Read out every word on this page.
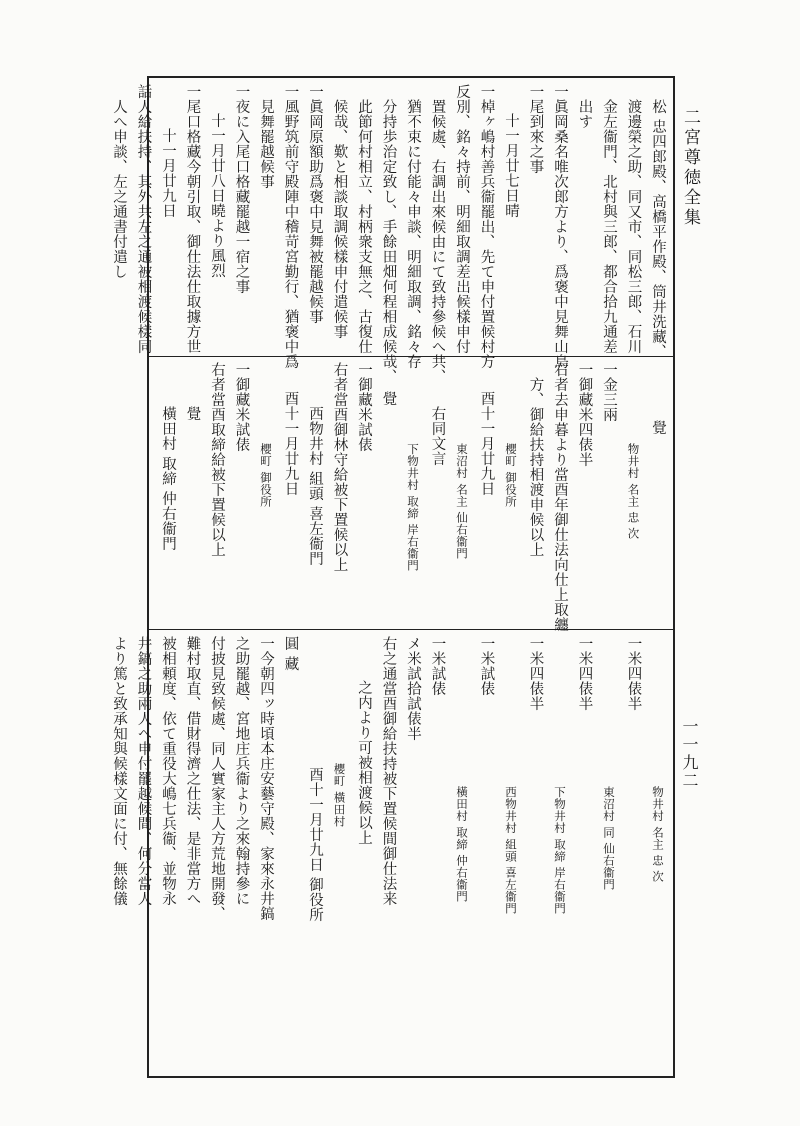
二宮尊徳全集
一一九二
松 忠四郎殿、高橋平作殿、筒井洗藏、
渡邊榮之助、同又市、同松三郎、石川
金左衞門、北村與三郎、都合拾九通差
出す
一眞岡桑名唯次郎方より、爲褒中見舞山鳥
一尾到來之事
十一月廿七日晴
一棹ヶ嶋村善兵衞罷出、先て申付置候村方
反別、銘々持前、明細取調差出候樣申付
置候處、右調出來候由にて致持參候へ共、
猶不束に付能々申談、明細取調、銘々存
分持歩治定致し、手餘田畑何程相成候哉、
此節何村相立、村柄衆支無之、古復仕
候哉、歎と相談取調候樣申付遣候事
一眞岡原額助爲褒中見舞被罷越候事
一風野筑前守殿陣中稽苛宮勤行、猶褒中爲
見舞罷越候事
一夜に入尾口格藏罷越一宿之事
十一月廿八日曉より風烈
一尾口格藏今朝引取、御仕法仕取據方世
十一月廿九日
話人給扶持、其外共左之通被相渡候樣同
人へ申談、左之通書付遣し
覺
物井村 名主 忠 次
一金三兩
一御藏米四俵半
右者去申暮より當酉年御仕法向仕上取纏
方、御給扶持相渡申候以上
櫻町 御役所
酉十一月廿九日
東沼村 名主 仙右衞門
右同文言
下物井村 取締 岸右衞門
覺
一御藏米試俵
右者當酉御林守給被下置候以上
西物井村 組頭 喜左衞門
酉十一月廿九日
櫻町 御役所
一御藏米試俵
右者當酉取締給被下置候以上
覺
橫田村 取締 仲右衞門
物井村 名主 忠 次
一米四俵半
東沼村 同 仙右衞門
一米四俵半
下物井村 取締 岸右衞門
一米四俵半
西物井村 組頭 喜左衞門
一米試俵
橫田村 取締 仲右衞門
一米試俵
メ米試拾試俵半
右之通當酉御給扶持被下置候間御仕法来
之内より可被相渡候以上
櫻町 橫田村
酉十一月廿九日 御役所
圓 藏
一今朝四ッ時頃本庄安藝守殿、家來永井鎬
之助罷越、宮地庄兵衞より之來翰持參に
付披見致候處、同人實家主人方荒地開發、
難村取直、借財得濟之仕法、是非當方へ
被相頼度、依て重役大嶋七兵衞、並物永
井鎬之助兩人へ申付罷越候間、何分當人
より篤と致承知與候樣文面に付、無餘儀
